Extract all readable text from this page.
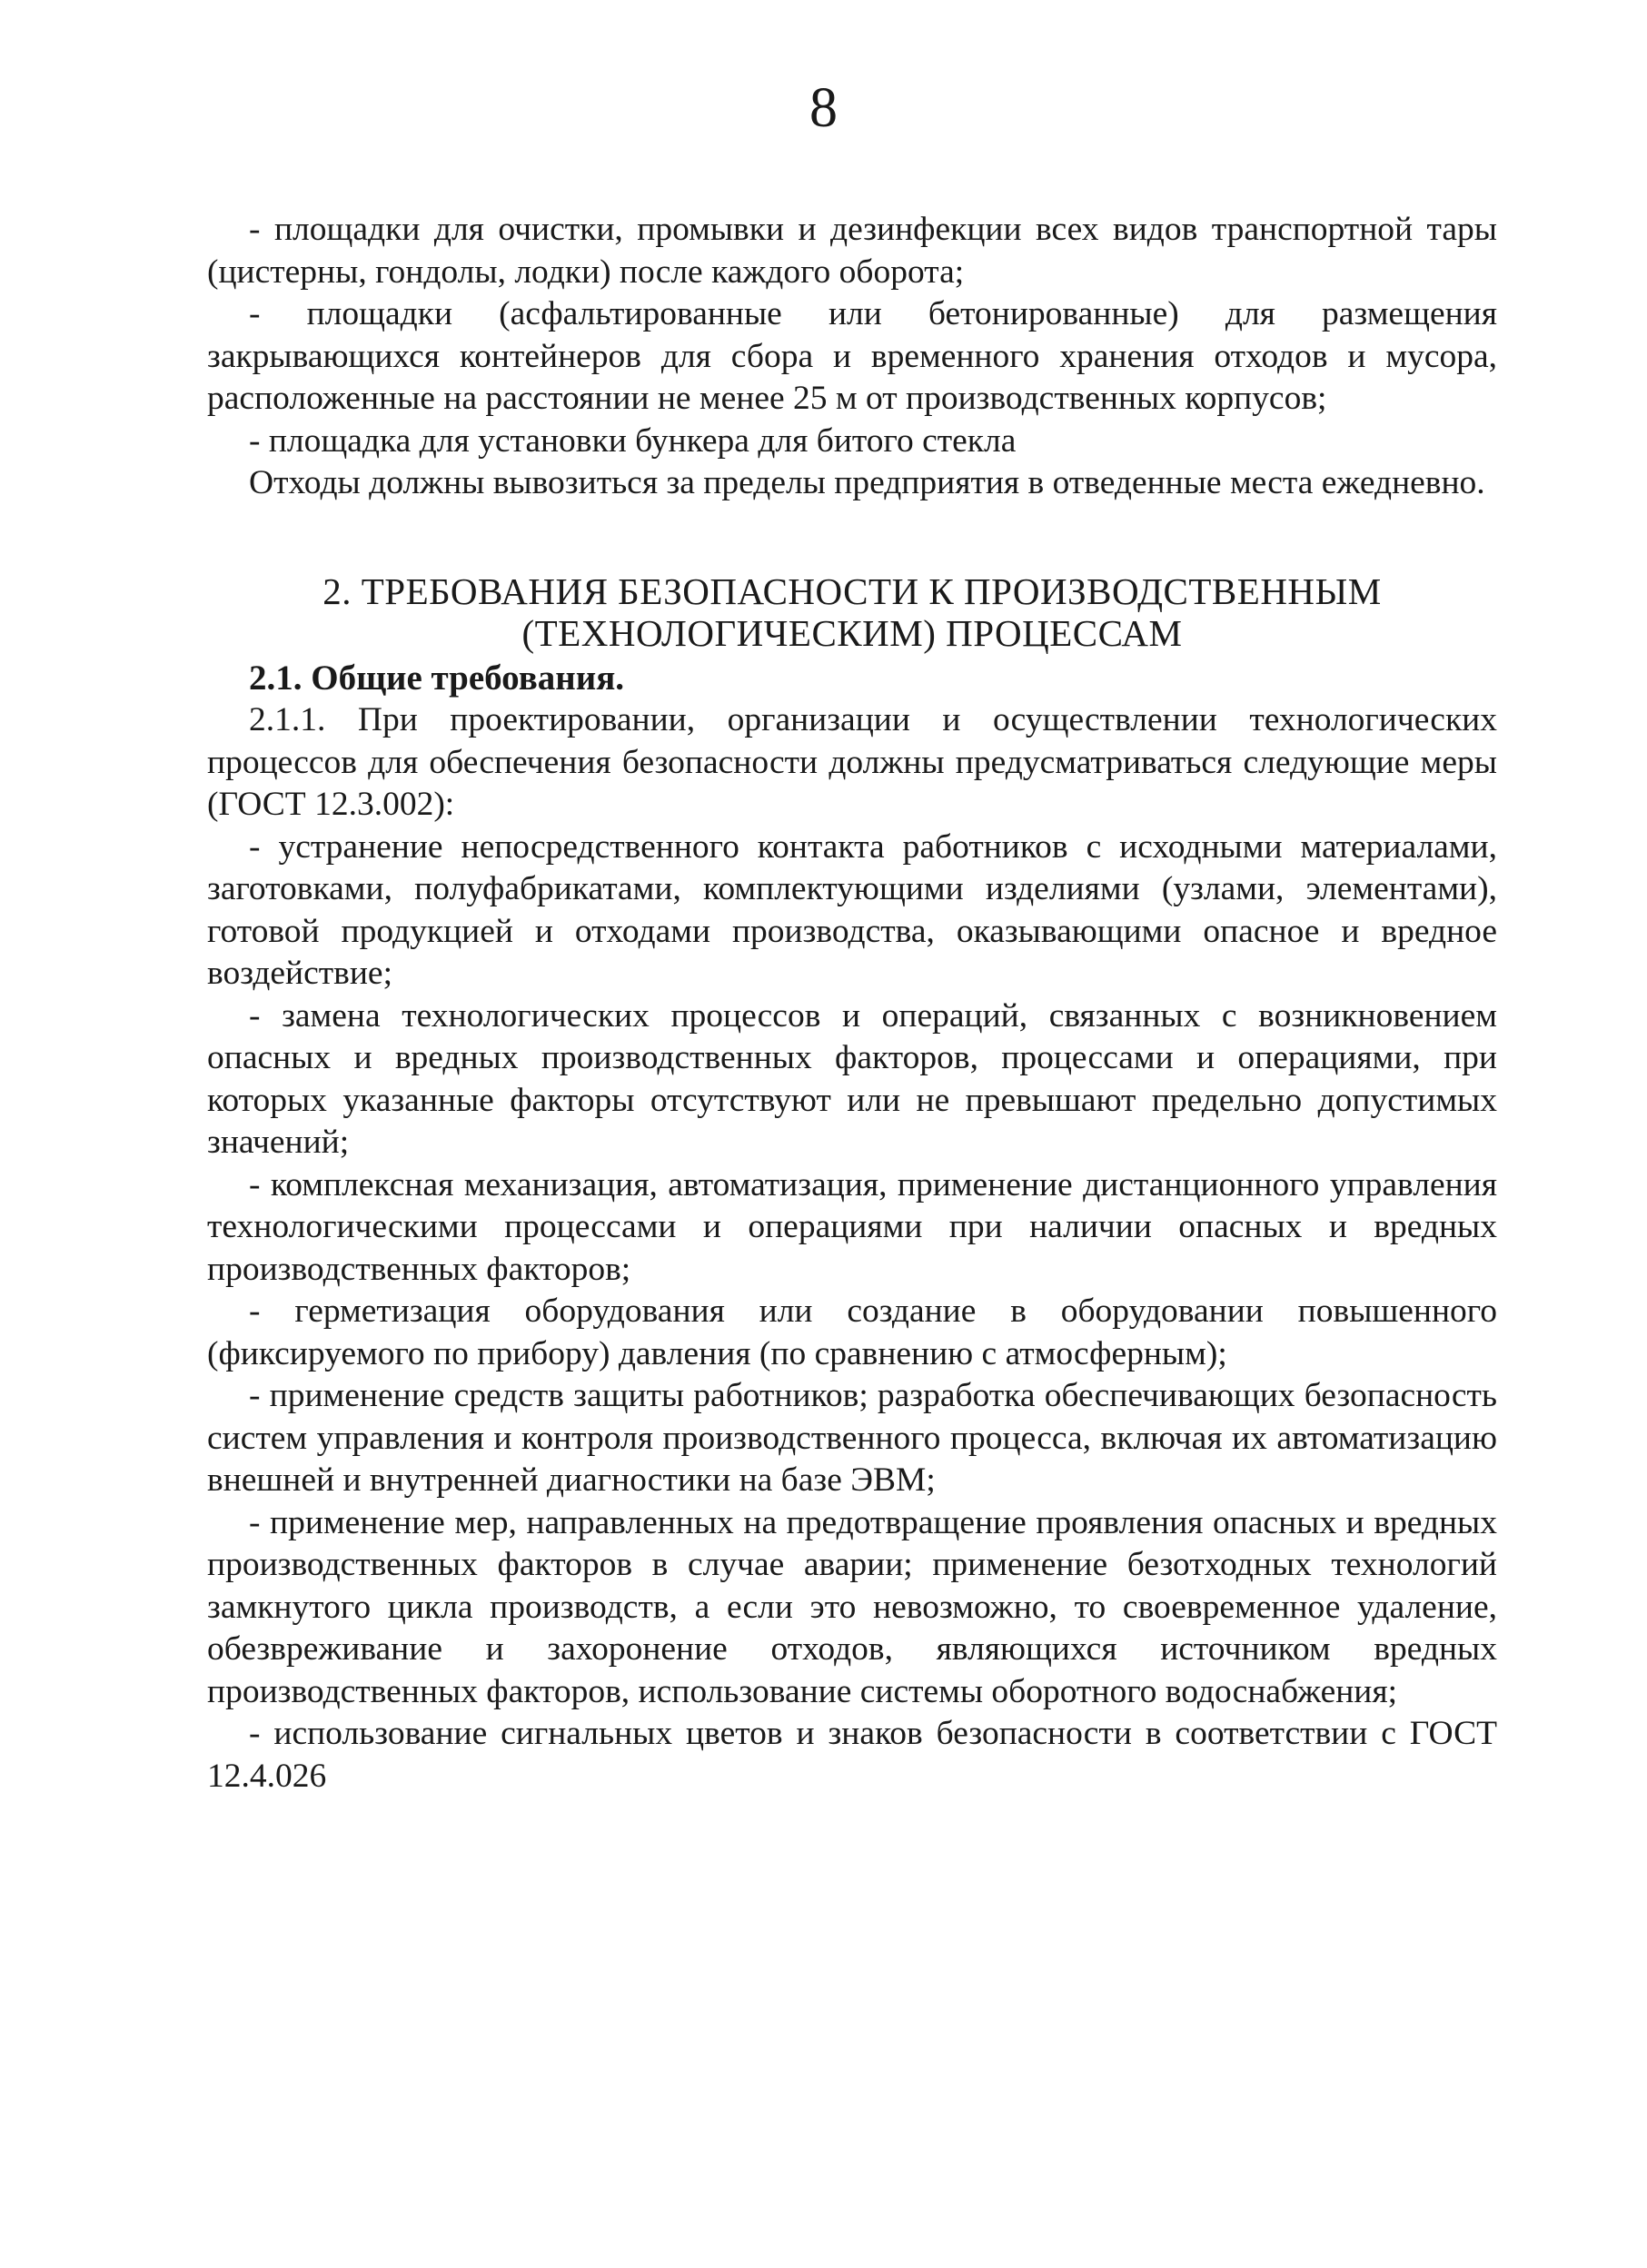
8

- площадки для очистки, промывки и дезинфекции всех видов транспортной тары (цистерны, гондолы, лодки) после каждого оборота;

- площадки (асфальтированные или бетонированные) для размещения закрывающихся контейнеров для сбора и временного хранения отходов и мусора, расположенные на расстоянии не менее 25 м от производственных корпусов;

- площадка для установки бункера для битого стекла

Отходы должны вывозиться за пределы предприятия в отведенные места ежедневно.

2. ТРЕБОВАНИЯ БЕЗОПАСНОСТИ К ПРОИЗВОДСТВЕННЫМ
(ТЕХНОЛОГИЧЕСКИМ) ПРОЦЕССАМ
2.1. Общие требования.

2.1.1. При проектировании, организации и осуществлении технологических процессов для обеспечения безопасности должны предусматриваться следующие меры (ГОСТ 12.3.002):

- устранение непосредственного контакта работников с исходными материалами, заготовками, полуфабрикатами, комплектующими изделиями (узлами, элементами), готовой продукцией и отходами производства, оказывающими опасное и вредное воздействие;

- замена технологических процессов и операций, связанных с возникновением опасных и вредных производственных факторов, процессами и операциями, при которых указанные факторы отсутствуют или не превышают предельно допустимых значений;

- комплексная механизация, автоматизация, применение дистанционного управления технологическими процессами и операциями при наличии опасных и вредных производственных факторов;

- герметизация оборудования или создание в оборудовании повышенного (фиксируемого по прибору) давления (по сравнению с атмосферным);

- применение средств защиты работников; разработка обеспечивающих безопасность систем управления и контроля производственного процесса, включая их автоматизацию внешней и внутренней диагностики на базе ЭВМ;

- применение мер, направленных на предотвращение проявления опасных и вредных производственных факторов в случае аварии; применение безотходных технологий замкнутого цикла производств, а если это невозможно, то своевременное удаление, обезвреживание и захоронение отходов, являющихся источником вредных производственных факторов, использование системы оборотного водоснабжения;

- использование сигнальных цветов и знаков безопасности в соответствии с ГОСТ 12.4.026
